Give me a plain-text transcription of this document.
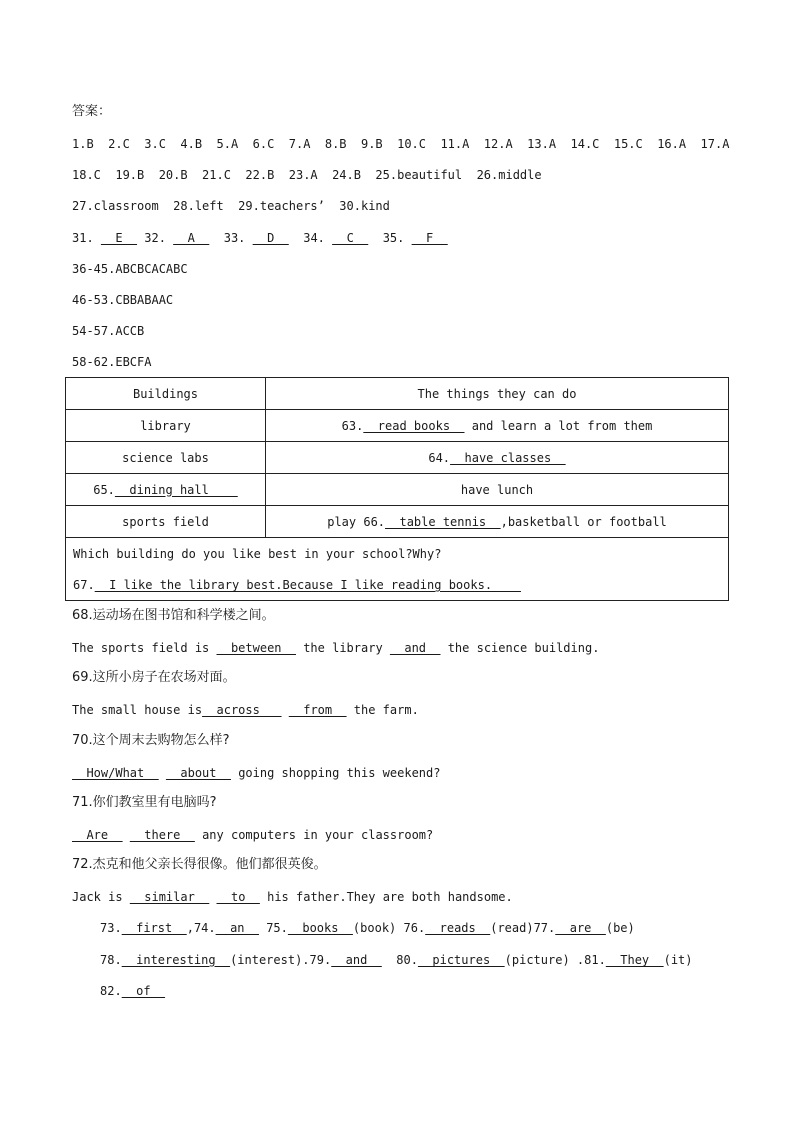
答案：
1.B  2.C  3.C  4.B  5.A  6.C  7.A  8.B  9.B  10.C  11.A  12.A  13.A  14.C  15.C  16.A  17.A
18.C  19.B  20.B  21.C  22.B  23.A  24.B  25.beautiful  26.middle
27.classroom  28.left  29.teachers’  30.kind
31.   E   32.   A    33.   D    34.   C    35.   F
36-45.ABCBCACABC
46-53.CBBABAAC
54-57.ACCB
58-62.EBCFA
Buildings	The things they can do
library	63.  read books   and learn a lot from them
science labs	64.  have classes
65.  dining hall	have lunch
sports field	play 66.  table tennis  ,basketball or football

Which building do you like best in your school?Why?

67.  I like the library best.Because I like reading books.	

68.运动场在图书馆和科学楼之间。
The sports field is   between   the library   and   the science building.
69.这所小房子在农场对面。
The small house is  across      from   the farm.
70.这个周末去购物怎么样?
How/What     about   going shopping this weekend?
71.你们教室里有电脑吗?
Are     there   any computers in your classroom?
72.杰克和他父亲长得很像。他们都很英俊。
Jack is   similar     to   his father.They are both handsome.
73.  first  ,74.  an   75.  books  (book) 76.  reads  (read)77.  are  (be)
78.  interesting  (interest).79.  and    80.  pictures  (picture) .81.  They  (it)
82.  of
